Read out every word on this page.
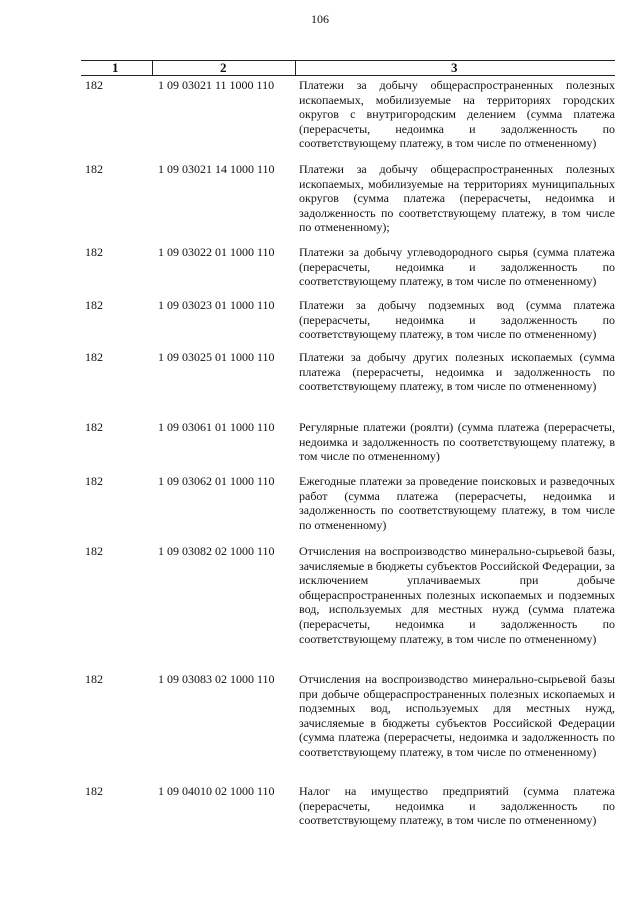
106
1	2	3
182	1 09 03021 11 1000 110	Платежи за добычу общераспространенных полезных ископаемых, мобилизуемые на территориях городских округов с внутригородским делением (сумма платежа (перерасчеты, недоимка и задолженность по соответствующему платежу, в том числе по отмененному)
182	1 09 03021 14 1000 110	Платежи за добычу общераспространенных полезных ископаемых, мобилизуемые на территориях муниципальных округов (сумма платежа (перерасчеты, недоимка и задолженность по соответствующему платежу, в том числе по отмененному);
182	1 09 03022 01 1000 110	Платежи за добычу углеводородного сырья (сумма платежа (перерасчеты, недоимка и задолженность по соответствующему платежу, в том числе по отмененному)
182	1 09 03023 01 1000 110	Платежи за добычу подземных вод (сумма платежа (перерасчеты, недоимка и задолженность по соответствующему платежу, в том числе по отмененному)
182	1 09 03025 01 1000 110	Платежи за добычу других полезных ископаемых (сумма платежа (перерасчеты, недоимка и задолженность по соответствующему платежу, в том числе по отмененному)
182	1 09 03061 01 1000 110	Регулярные платежи (роялти) (сумма платежа (перерасчеты, недоимка и задолженность по соответствующему платежу, в том числе по отмененному)
182	1 09 03062 01 1000 110	Ежегодные платежи за проведение поисковых и разведочных работ (сумма платежа (перерасчеты, недоимка и задолженность по соответствующему платежу, в том числе по отмененному)
182	1 09 03082 02 1000 110	Отчисления на воспроизводство минерально-сырьевой базы, зачисляемые в бюджеты субъектов Российской Федерации, за исключением уплачиваемых при добыче общераспространенных полезных ископаемых и подземных вод, используемых для местных нужд (сумма платежа (перерасчеты, недоимка и задолженность по соответствующему платежу, в том числе по отмененному)
182	1 09 03083 02 1000 110	Отчисления на воспроизводство минерально-сырьевой базы при добыче общераспространенных полезных ископаемых и подземных вод, используемых для местных нужд, зачисляемые в бюджеты субъектов Российской Федерации (сумма платежа (перерасчеты, недоимка и задолженность по соответствующему платежу, в том числе по отмененному)
182	1 09 04010 02 1000 110	Налог на имущество предприятий (сумма платежа (перерасчеты, недоимка и задолженность по соответствующему платежу, в том числе по отмененному)
